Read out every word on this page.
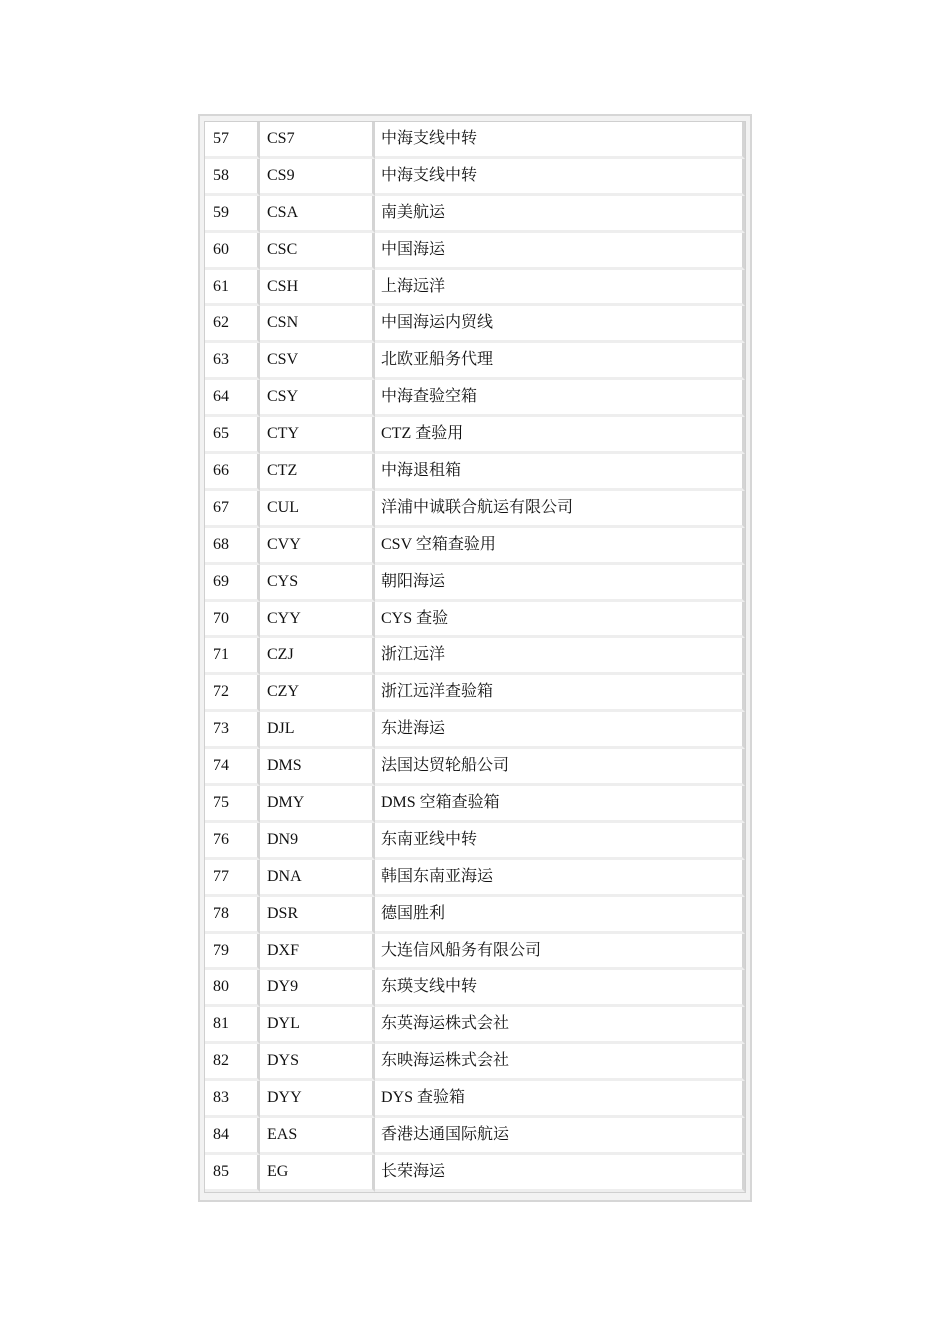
57	CS7	中海支线中转
58	CS9	中海支线中转
59	CSA	南美航运
60	CSC	中国海运
61	CSH	上海远洋
62	CSN	中国海运内贸线
63	CSV	北欧亚船务代理
64	CSY	中海查验空箱
65	CTY	CTZ 查验用
66	CTZ	中海退租箱
67	CUL	洋浦中诚联合航运有限公司
68	CVY	CSV 空箱查验用
69	CYS	朝阳海运
70	CYY	CYS 查验
71	CZJ	浙江远洋
72	CZY	浙江远洋查验箱
73	DJL	东进海运
74	DMS	法国达贸轮船公司
75	DMY	DMS 空箱查验箱
76	DN9	东南亚线中转
77	DNA	韩国东南亚海运
78	DSR	德国胜利
79	DXF	大连信风船务有限公司
80	DY9	东瑛支线中转
81	DYL	东英海运株式会社
82	DYS	东映海运株式会社
83	DYY	DYS 查验箱
84	EAS	香港达通国际航运
85	EG	长荣海运
